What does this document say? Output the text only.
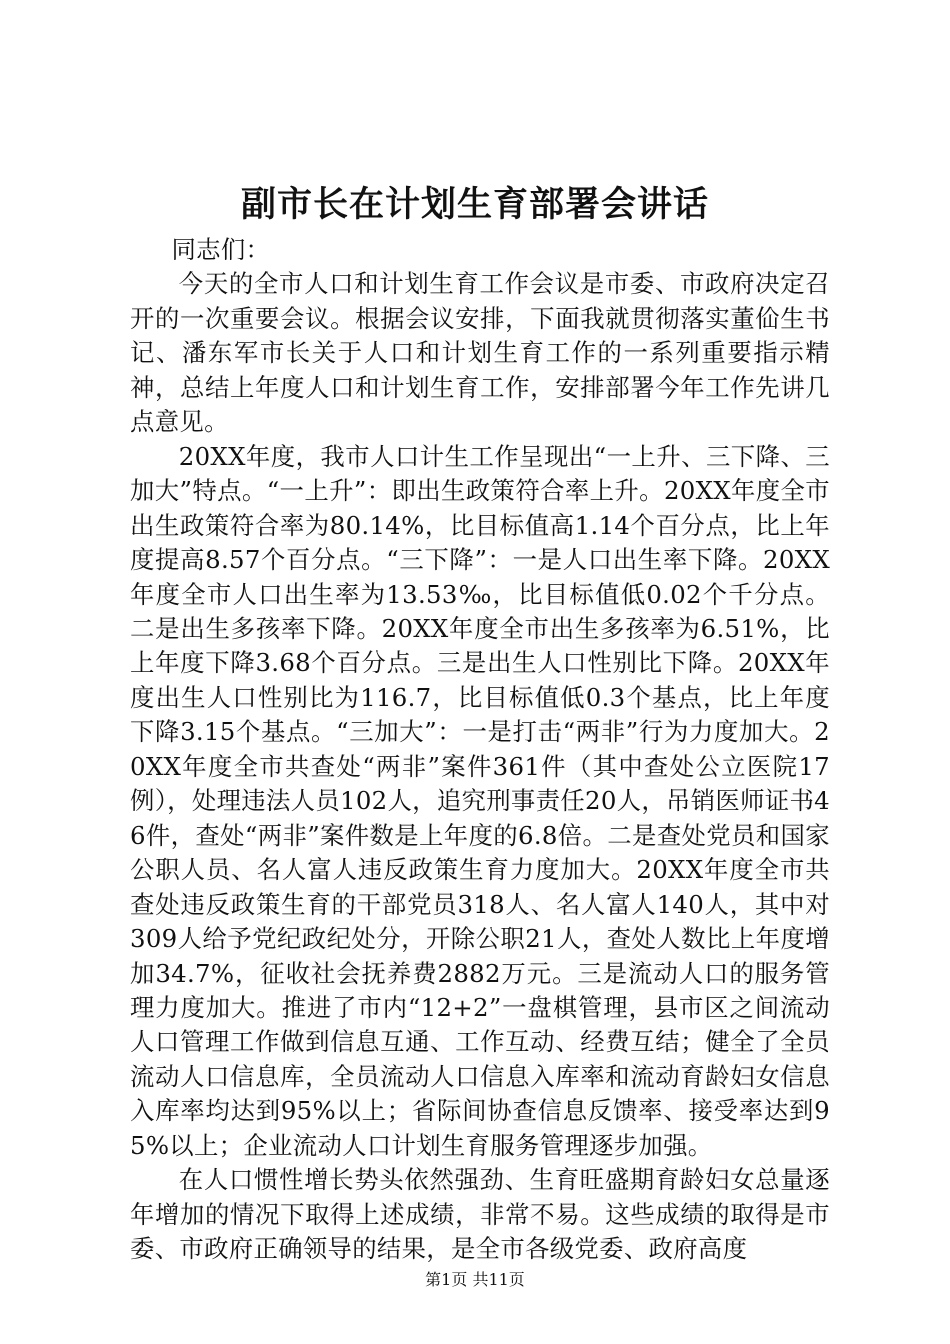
副市长在计划生育部署会讲话

同志们：

今天的全市人口和计划生育工作会议是市委、市政府决定召开的一次重要会议。根据会议安排，下面我就贯彻落实董佡生书记、潘东军市长关于人口和计划生育工作的一系列重要指示精神，总结上年度人口和计划生育工作，安排部署今年工作先讲几点意见。

20XX年度，我市人口计生工作呈现出“一上升、三下降、三加大”特点。“一上升”：即出生政策符合率上升。20XX年度全市出生政策符合率为80.14%，比目标值高1.14个百分点，比上年度提高8.57个百分点。“三下降”：一是人口出生率下降。20XX年度全市人口出生率为13.53‰，比目标值低0.02个千分点。二是出生多孩率下降。20XX年度全市出生多孩率为6.51%，比上年度下降3.68个百分点。三是出生人口性别比下降。20XX年度出生人口性别比为116.7，比目标值低0.3个基点，比上年度下降3.15个基点。“三加大”：一是打击“两非”行为力度加大。20XX年度全市共查处“两非”案件361件（其中查处公立医院17例），处理违法人员102人，追究刑事责任20人，吊销医师证书46件，查处“两非”案件数是上年度的6.8倍。二是查处党员和国家公职人员、名人富人违反政策生育力度加大。20XX年度全市共查处违反政策生育的干部党员318人、名人富人140人，其中对309人给予党纪政纪处分，开除公职21人，查处人数比上年度增加34.7%，征收社会抚养费2882万元。三是流动人口的服务管理力度加大。推进了市内“12+2”一盘棋管理，县市区之间流动人口管理工作做到信息互通、工作互动、经费互结；健全了全员流动人口信息库，全员流动人口信息入库率和流动育龄妇女信息入库率均达到95%以上；省际间协查信息反馈率、接受率达到95%以上；企业流动人口计划生育服务管理逐步加强。

在人口惯性增长势头依然强劲、生育旺盛期育龄妇女总量逐年增加的情况下取得上述成绩，非常不易。这些成绩的取得是市委、市政府正确领导的结果，是全市各级党委、政府高度

第1页 共11页
